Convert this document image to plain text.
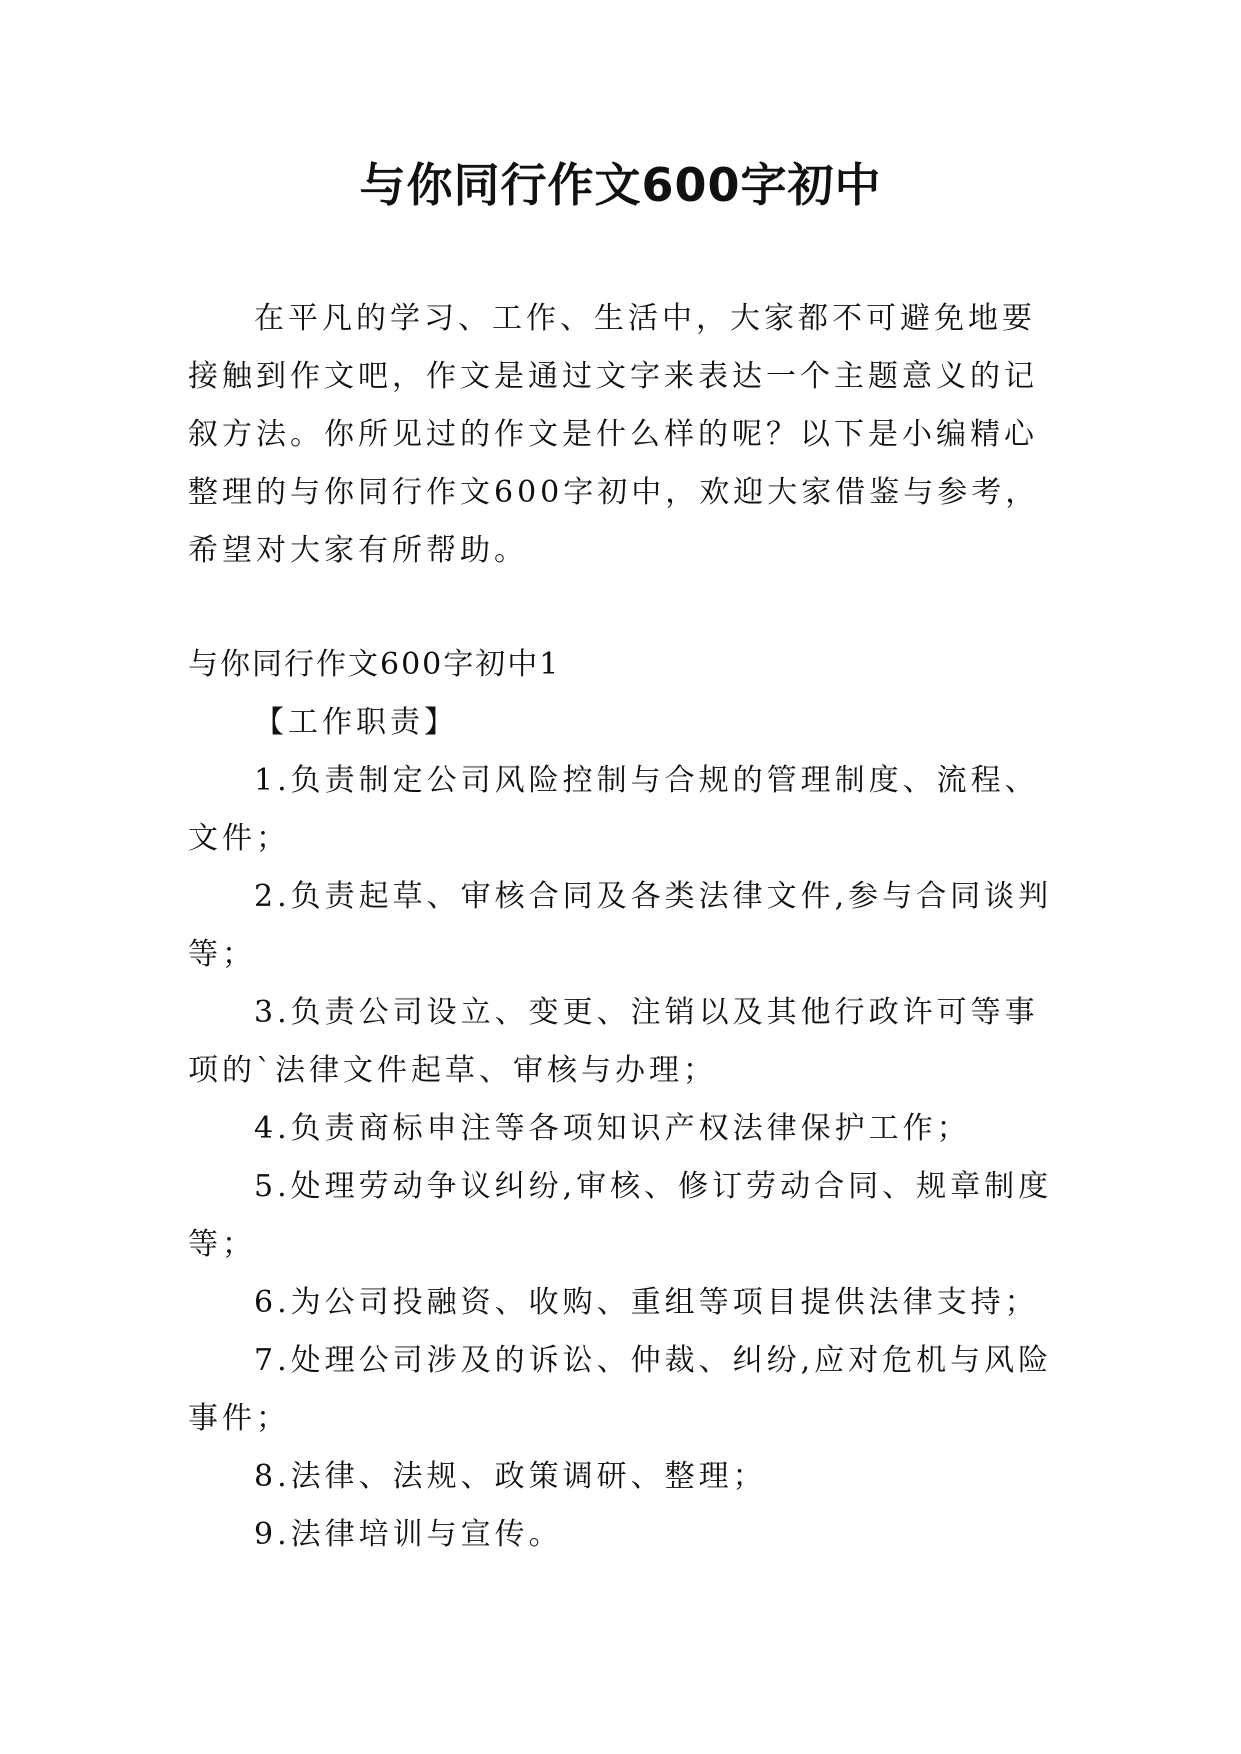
与你同行作文600字初中

在平凡的学习、工作、生活中，大家都不可避免地要接触到作文吧，作文是通过文字来表达一个主题意义的记叙方法。你所见过的作文是什么样的呢？以下是小编精心整理的与你同行作文600字初中，欢迎大家借鉴与参考，希望对大家有所帮助。

与你同行作文600字初中1
【工作职责】
1.负责制定公司风险控制与合规的管理制度、流程、文件；
2.负责起草、审核合同及各类法律文件,参与合同谈判等；
3.负责公司设立、变更、注销以及其他行政许可等事项的`法律文件起草、审核与办理；
4.负责商标申注等各项知识产权法律保护工作；
5.处理劳动争议纠纷,审核、修订劳动合同、规章制度等；
6.为公司投融资、收购、重组等项目提供法律支持；
7.处理公司涉及的诉讼、仲裁、纠纷,应对危机与风险事件；
8.法律、法规、政策调研、整理；
9.法律培训与宣传。
